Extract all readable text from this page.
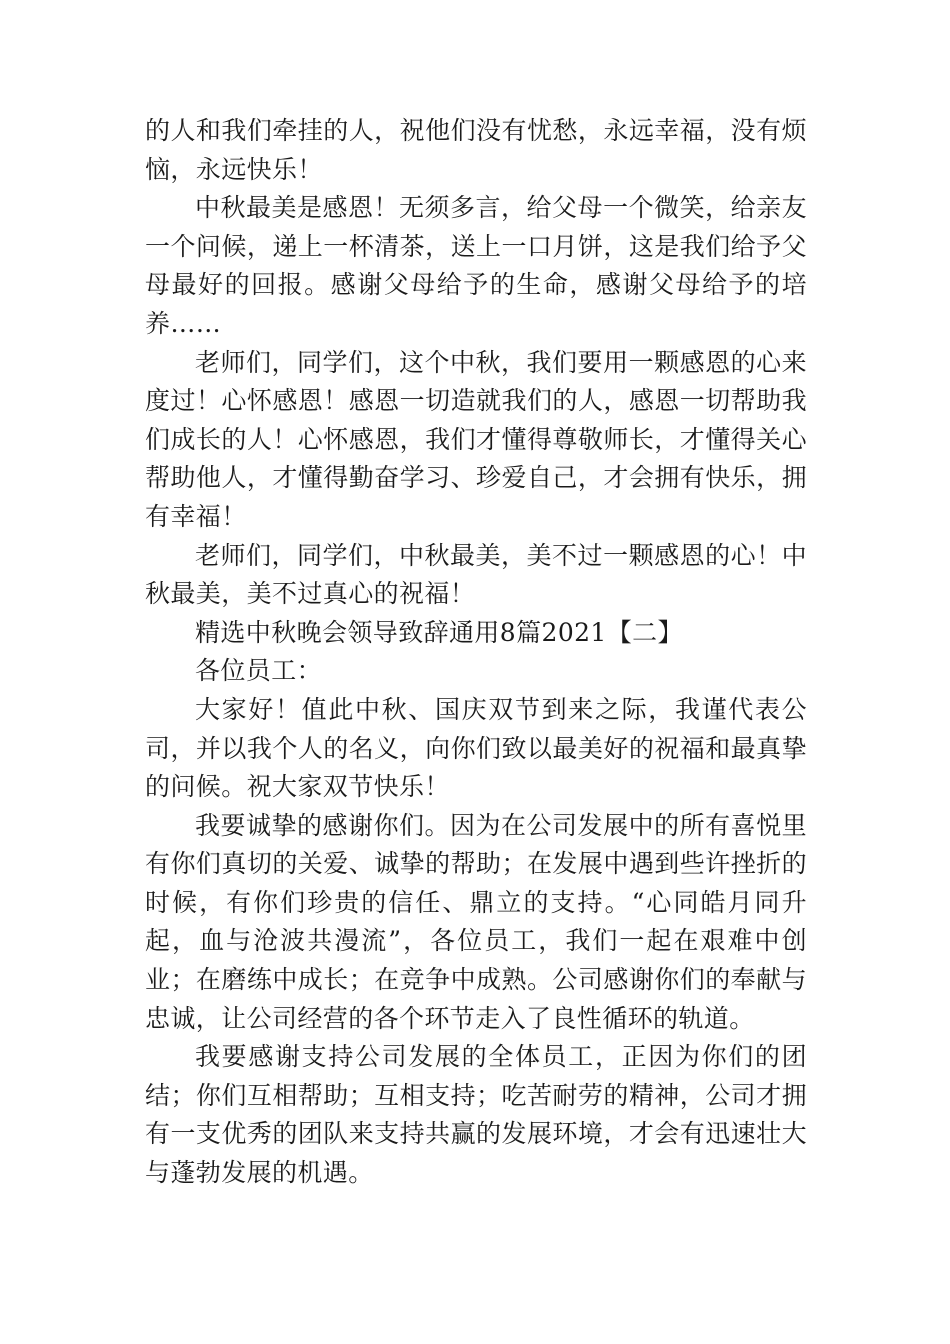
的人和我们牵挂的人，祝他们没有忧愁，永远幸福，没有烦恼，永远快乐！

中秋最美是感恩！无须多言，给父母一个微笑，给亲友一个问候，递上一杯清茶，送上一口月饼，这是我们给予父母最好的回报。感谢父母给予的生命，感谢父母给予的培养……

老师们，同学们，这个中秋，我们要用一颗感恩的心来度过！心怀感恩！感恩一切造就我们的人，感恩一切帮助我们成长的人！心怀感恩，我们才懂得尊敬师长，才懂得关心帮助他人，才懂得勤奋学习、珍爱自己，才会拥有快乐，拥有幸福！

老师们，同学们，中秋最美，美不过一颗感恩的心！中秋最美，美不过真心的祝福！

精选中秋晚会领导致辞通用8篇2021【二】

各位员工：

大家好！值此中秋、国庆双节到来之际，我谨代表公司，并以我个人的名义，向你们致以最美好的祝福和最真挚的问候。祝大家双节快乐！

我要诚挚的感谢你们。因为在公司发展中的所有喜悦里有你们真切的关爱、诚挚的帮助；在发展中遇到些许挫折的时候，有你们珍贵的信任、鼎立的支持。“心同皓月同升起，血与沧波共漫流”，各位员工，我们一起在艰难中创业；在磨练中成长；在竞争中成熟。公司感谢你们的奉献与忠诚，让公司经营的各个环节走入了良性循环的轨道。

我要感谢支持公司发展的全体员工，正因为你们的团结；你们互相帮助；互相支持；吃苦耐劳的精神，公司才拥有一支优秀的团队来支持共赢的发展环境，才会有迅速壮大与蓬勃发展的机遇。
